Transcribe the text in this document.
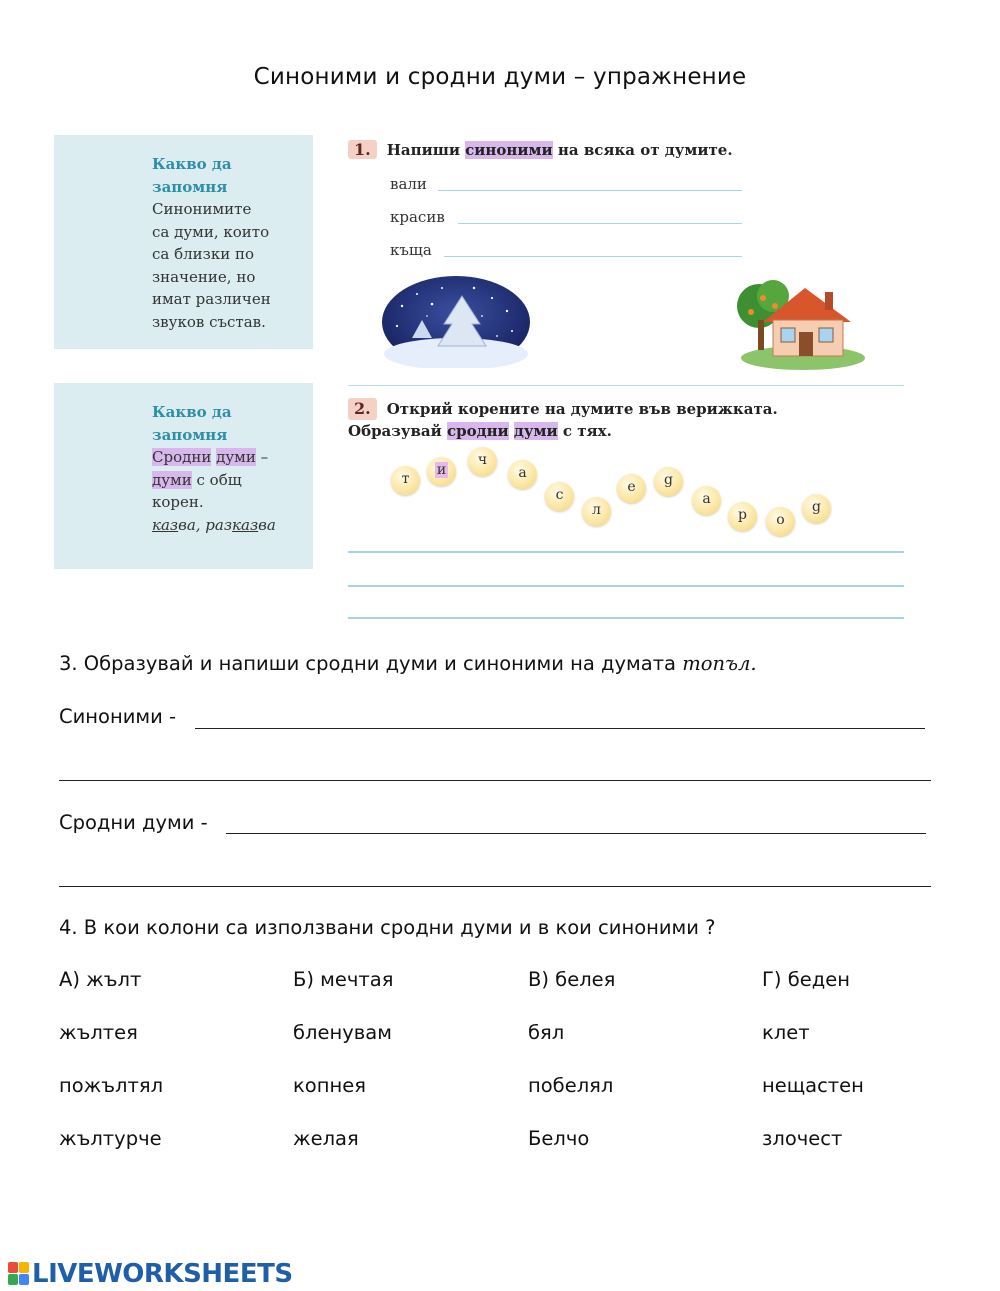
Синоними и сродни думи – упражнение
Какво да
запомня
Синонимите
са думи, които
са близки по
значение, но
имат различен
звуков състав.
Какво да
запомня
Сродни думи –
думи с общ
корен.
казва, разказва
1. Напиши синоними на всяка от думите.
вали
красив
къща
2. Открий корените на думите във верижката.
Образувай сродни думи с тях.
т
и
ч
а
с
л
е	g
а
р	о
g
3. Образувай и напиши сродни думи и синоними на думата топъл.
Синоними -
Сродни думи -
4. В кои колони са използвани сродни думи и в кои синоними ?
А) жълт
жълтея
пожълтял
жълтурче
Б) мечтая
бленувам
копнея
желая
В) белея
бял
побелял
Белчо
Г) беден
клет
нещастен
злочест
LIVEWORKSHEETS
